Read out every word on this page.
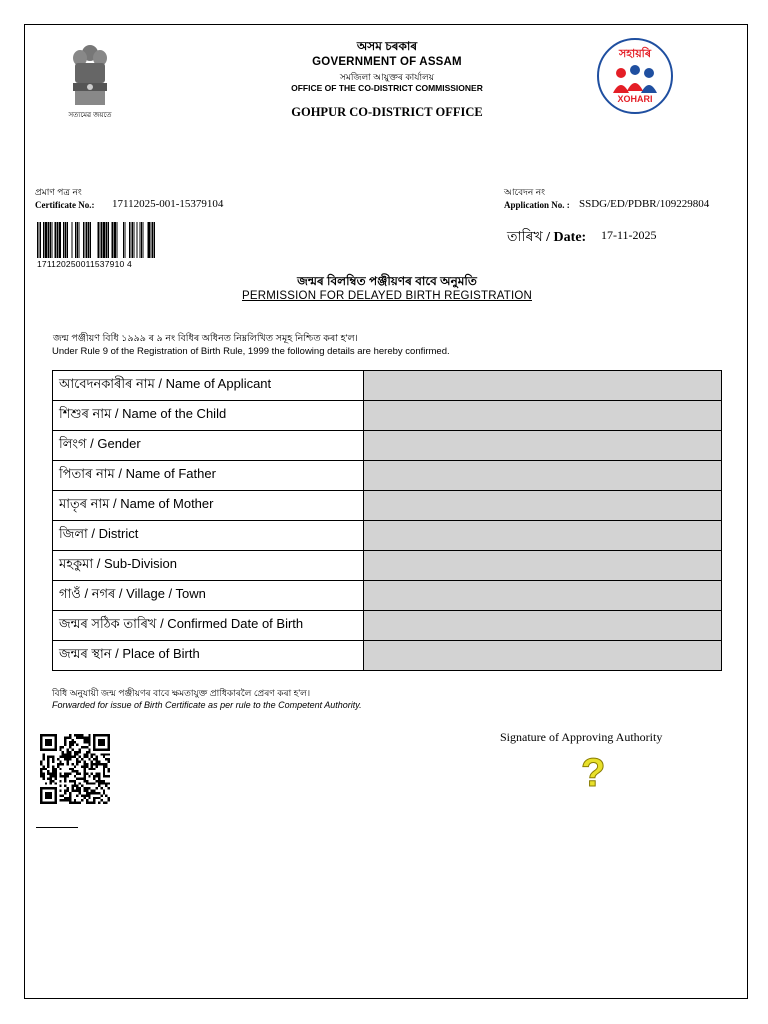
সত্যমেৱ জয়তে
অসম চৰকাৰ
GOVERNMENT OF ASSAM
সমজিলা আয়ুক্তৰ কাৰ্যালয়
OFFICE OF THE CO-DISTRICT COMMISSIONER
GOHPUR CO-DISTRICT OFFICE
সহায়ৰি
XOHARI
প্ৰমাণ পত্ৰ নং
Certificate No.: 17112025-001-15379104
আবেদন নং
Application No. : SSDG/ED/PDBR/109229804
তাৰিখ / Date: 17-11-2025
171120250011537910 4
জন্মৰ বিলম্বিত পঞ্জীয়ণৰ বাবে অনুমতি
PERMISSION FOR DELAYED BIRTH REGISTRATION
জন্ম পঞ্জীয়ণ বিধি ১৯৯৯ ৰ ৯ নং বিধিৰ অধিনত নিম্নলিখিত সমূহ নিশ্চিত কৰা হ'ল।
Under Rule 9 of the Registration of Birth Rule, 1999 the following details are hereby confirmed.
আবেদনকাৰীৰ নাম / Name of Applicant	
শিশুৰ নাম / Name of the Child	
লিংগ / Gender	
পিতাৰ নাম / Name of Father	
মাতৃৰ নাম / Name of Mother	
জিলা / District	
মহকুমা / Sub-Division	
গাওঁ / নগৰ / Village / Town	
জন্মৰ সঠিক তাৰিখ / Confirmed Date of Birth	
জন্মৰ স্থান / Place of Birth	
বিধি অনুযায়ী জন্ম পঞ্জীয়ণৰ বাবে ক্ষমতাযুক্ত প্ৰাধিকাৰলৈ প্ৰেৰণ কৰা হ'ল।
Forwarded for issue of Birth Certificate as per rule to the Competent Authority.
Signature of Approving Authority
?
